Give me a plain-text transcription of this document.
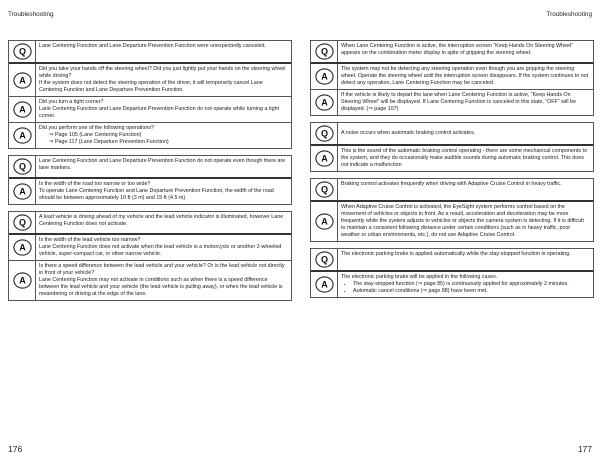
Troubleshooting	Troubleshooting
Q

Lane Centering Function and Lane Departure Prevention Function were unexpectedly canceled.

A

Did you take your hands off the steering wheel? Did you just lightly put your hands on the steering wheel while driving?

If the system does not detect the steering operation of the driver, it will temporarily cancel Lane Centering Function and Lane Departure Prevention Function.

A

Did you turn a tight corner?

Lane Centering Function and Lane Departure Prevention Function do not operate while turning a tight corner.

A

Did you perform one of the following operations?

⇒ Page 105 (Lane Centering Function)

⇒ Page 117 (Lane Departure Prevention Function)

Q

Lane Centering Function and Lane Departure Prevention Function do not operate even though there are lane markers.

A

Is the width of the road too narrow or too wide?

To operate Lane Centering Function and Lane Departure Prevention Function, the width of the road should be between approximately 10 ft (3 m) and 15 ft (4.5 m).

Q

A lead vehicle is driving ahead of my vehicle and the lead vehicle indicator is illuminated, however Lane Centering Function does not activate.

A

Is the width of the lead vehicle too narrow?

Lane Centering Function does not activate when the lead vehicle is a motorcycle or another 2-wheeled vehicle, super-compact car, or other narrow vehicle.

A

Is there a speed difference between the lead vehicle and your vehicle? Or is the lead vehicle not directly in front of your vehicle?

Lane Centering Function may not activate in conditions such as when there is a speed difference between the lead vehicle and your vehicle (the lead vehicle is pulling away), or when the lead vehicle is meandering or driving at the edge of the lane.

Q

When Lane Centering Function is active, the interruption screen “Keep Hands On Steering Wheel” appears on the combination meter display in spite of gripping the steering wheel.

A

The system may not be detecting any steering operation even though you are gripping the steering wheel. Operate the steering wheel until the interruption screen disappears. If the system continues to not detect any operation, Lane Centering Function may be canceled.

A

If the vehicle is likely to depart the lane when Lane Centering Function is active, “Keep Hands On Steering Wheel” will be displayed. If Lane Centering Function is canceled in this state, “OFF” will be displayed. (⇒ page 107)

Q	A noise occurs when automatic braking control activates.

A

This is the sound of the automatic braking control operating - there are some mechanical components to the system, and they do occasionally make audible sounds during automatic braking control. This does not indicate a malfunction

Q

Braking control activates frequently when driving with Adaptive Cruise Control in heavy traffic.

A

When Adaptive Cruise Control is activated, the EyeSight system performs control based on the movement of vehicles or objects in front. As a result, acceleration and deceleration may be more frequently while the system adjusts to vehicles or objects the camera system is detecting. If it is difficult to maintain a consistent following distance under certain conditions (such as in heavy traffic, poor weather or urban environments, etc.), do not use Adaptive Cruise Control.

Q

The electronic parking brake is applied automatically while the stay-stopped function is operating.

A

The electronic parking brake will be applied in the following cases.

• The stay-stopped function (⇒ page 85) is continuously applied for approximately 2 minutes.
• Automatic cancel conditions (⇒ page 88) have been met.
176	177
